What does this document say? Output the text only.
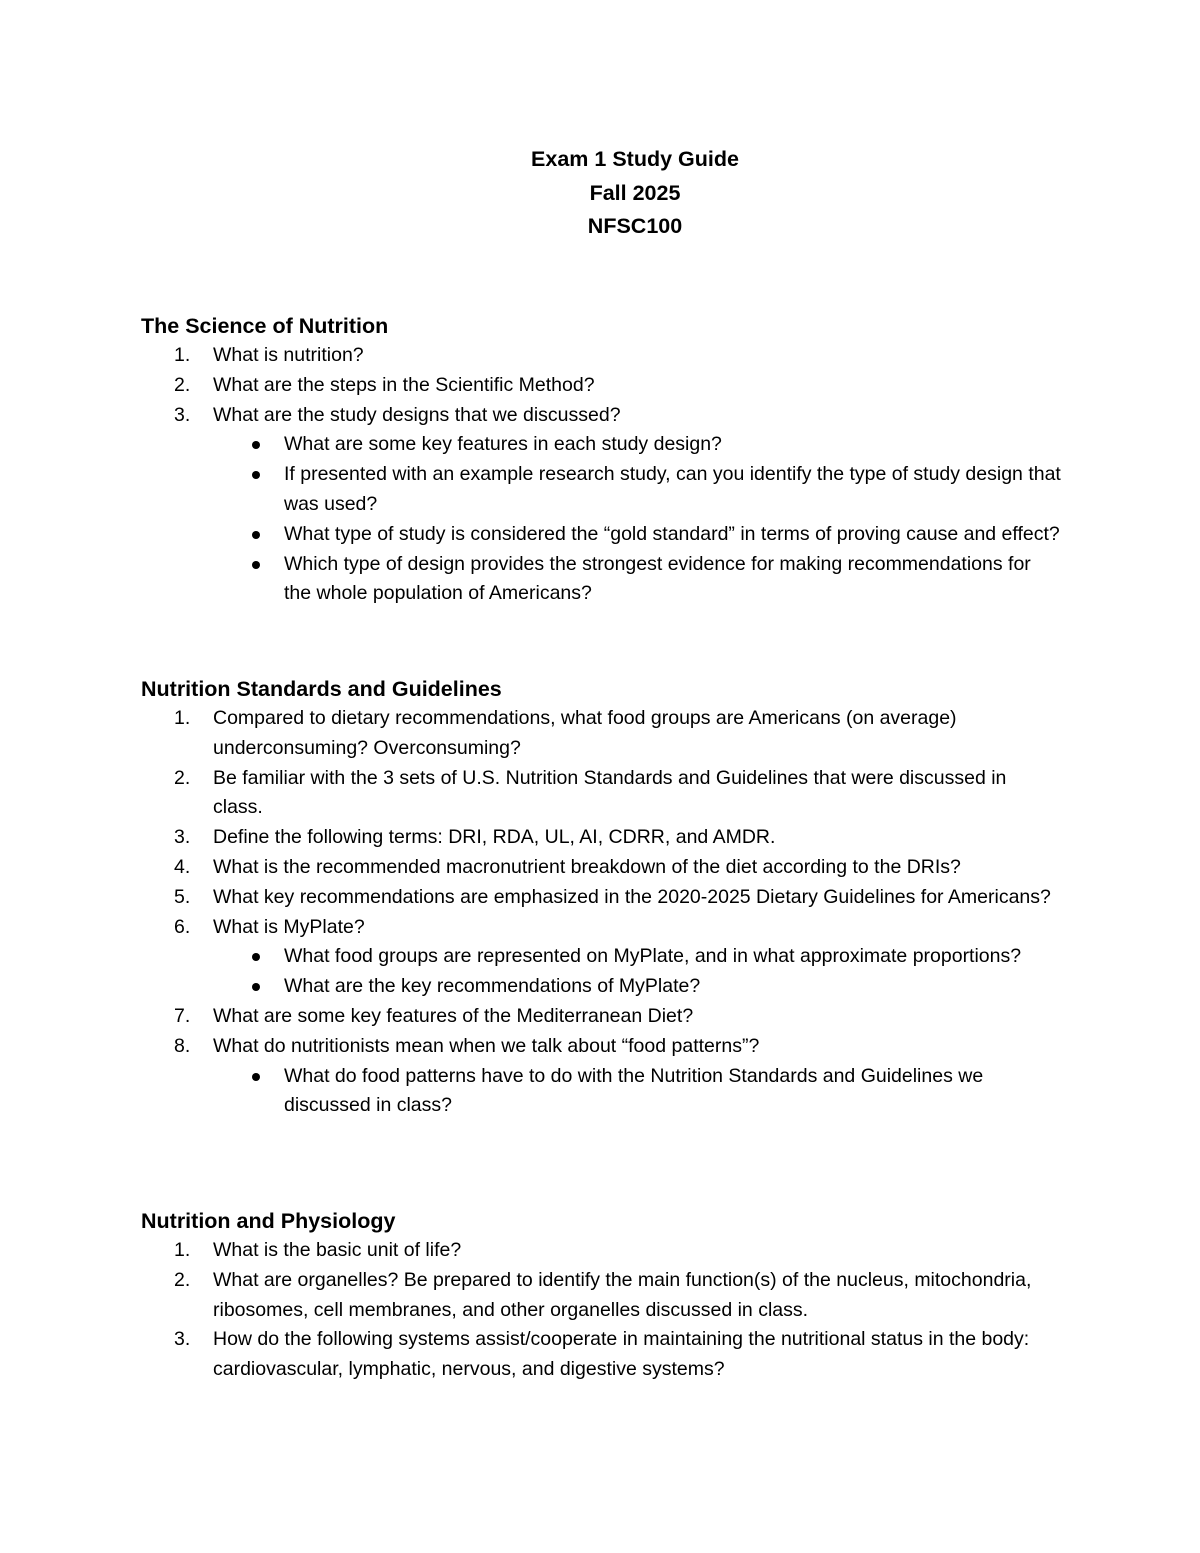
Exam 1 Study Guide
Fall 2025
NFSC100
The Science of Nutrition
1. What is nutrition?
2. What are the steps in the Scientific Method?
3. What are the study designs that we discussed?
What are some key features in each study design?
If presented with an example research study, can you identify the type of study design that was used?
What type of study is considered the “gold standard” in terms of proving cause and effect?
Which type of design provides the strongest evidence for making recommendations for the whole population of Americans?
Nutrition Standards and Guidelines
1. Compared to dietary recommendations, what food groups are Americans (on average) underconsuming? Overconsuming?
2. Be familiar with the 3 sets of U.S. Nutrition Standards and Guidelines that were discussed in class.
3. Define the following terms: DRI, RDA, UL, AI, CDRR, and AMDR.
4. What is the recommended macronutrient breakdown of the diet according to the DRIs?
5. What key recommendations are emphasized in the 2020-2025 Dietary Guidelines for Americans?
6. What is MyPlate?
What food groups are represented on MyPlate, and in what approximate proportions?
What are the key recommendations of MyPlate?
7. What are some key features of the Mediterranean Diet?
8. What do nutritionists mean when we talk about “food patterns”?
What do food patterns have to do with the Nutrition Standards and Guidelines we discussed in class?
Nutrition and Physiology
1. What is the basic unit of life?
2. What are organelles? Be prepared to identify the main function(s) of the nucleus, mitochondria, ribosomes, cell membranes, and other organelles discussed in class.
3. How do the following systems assist/cooperate in maintaining the nutritional status in the body: cardiovascular, lymphatic, nervous, and digestive systems?
